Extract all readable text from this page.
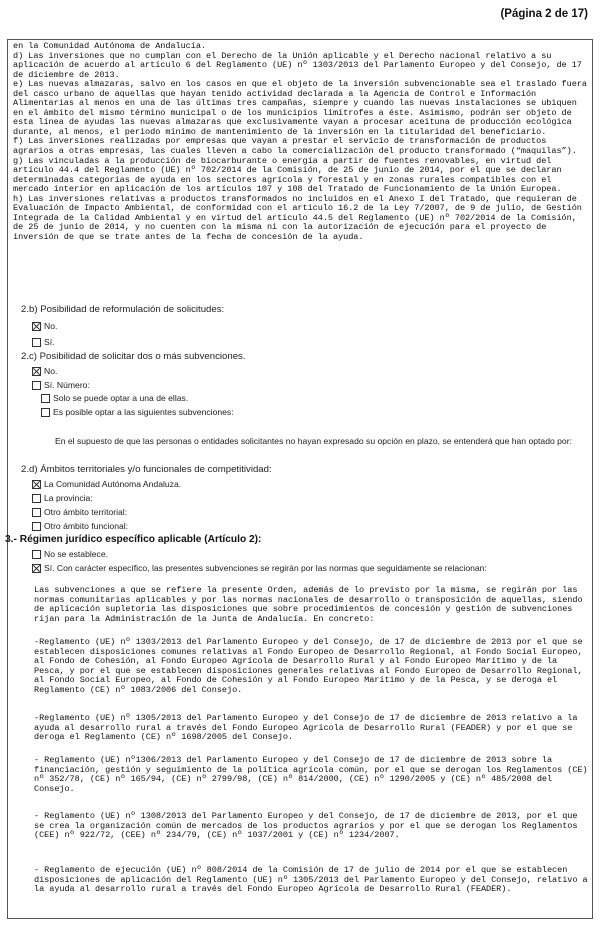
(Página 2 de 17)
en la Comunidad Autónoma de Andalucía.
d) Las inversiones que no cumplan con el Derecho de la Unión aplicable y el Derecho nacional relativo a su aplicación de acuerdo al artículo 6 del Reglamento (UE) nº 1303/2013 del Parlamento Europeo y del Consejo, de 17 de diciembre de 2013.
e) Las nuevas almazaras, salvo en los casos en que el objeto de la inversión subvencionable sea el traslado fuera del casco urbano de aquellas que hayan tenido actividad declarada a la Agencia de Control e Información Alimentarias al menos en una de las últimas tres campañas, siempre y cuando las nuevas instalaciones se ubiquen en el ámbito del mismo término municipal o de los municipios limítrofes a éste. Asimismo, podrán ser objeto de esta línea de ayudas las nuevas almazaras que exclusivamente vayan a procesar aceituna de producción ecológica durante, al menos, el periodo mínimo de mantenimiento de la inversión en la titularidad del beneficiario.
f) Las inversiones realizadas por empresas que vayan a prestar el servicio de transformación de productos agrarios a otras empresas, las cuales lleven a cabo la comercialización del producto transformado (“maquilas”).
g) Las vinculadas a la producción de biocarburante o energía a partir de fuentes renovables, en virtud del artículo 44.4 del Reglamento (UE) nº 702/2014 de la Comisión, de 25 de junio de 2014, por el que se declaran determinadas categorías de ayuda en los sectores agrícola y forestal y en zonas rurales compatibles con el mercado interior en aplicación de los artículos 107 y 108 del Tratado de Funcionamiento de la Unión Europea.
h) Las inversiones relativas a productos transformados no incluidos en el Anexo I del Tratado, que requieran de Evaluación de Impacto Ambiental, de conformidad con el artículo 16.2 de la Ley 7/2007, de 9 de julio, de Gestión Integrada de la Calidad Ambiental y en virtud del artículo 44.5 del Reglamento (UE) nº 702/2014 de la Comisión, de 25 de junio de 2014, y no cuenten con la misma ni con la autorización de ejecución para el proyecto de inversión de que se trate antes de la fecha de concesión de la ayuda.
2.b) Posibilidad de reformulación de solicitudes:
No.
Sí.
2.c) Posibilidad de solicitar dos o más subvenciones.
No.
Sí. Número:
Solo se puede optar a una de ellas.
Es posible optar a las siguientes subvenciones:
En el supuesto de que las personas o entidades solicitantes no hayan expresado su opción en plazo, se entenderá que han optado por:
2.d) Ámbitos territoriales y/o funcionales de competitividad:
La Comunidad Autónoma Andaluza.
La provincia:
Otro ámbito territorial:
Otro ámbito funcional:
3.- Régimen jurídico específico aplicable (Artículo 2):
No se establece.
Sí. Con carácter específico, las presentes subvenciones se regirán por las normas que seguidamente se relacionan:
Las subvenciones a que se refiere la presente Orden, además de lo previsto por la misma, se regirán por las normas comunitarias aplicables y por las normas nacionales de desarrollo o transposición de aquellas, siendo de aplicación supletoria las disposiciones que sobre procedimientos de concesión y gestión de subvenciones rijan para la Administración de la Junta de Andalucía. En concreto:
-Reglamento (UE) nº 1303/2013 del Parlamento Europeo y del Consejo, de 17 de diciembre de 2013 por el que se establecen disposiciones comunes relativas al Fondo Europeo de Desarrollo Regional, al Fondo Social Europeo, al Fondo de Cohesión, al Fondo Europeo Agrícola de Desarrollo Rural y al Fondo Europeo Marítimo y de la Pesca, y por el que se establecen disposiciones generales relativas al Fondo Europeo de Desarrollo Regional, al Fondo Social Europeo, al Fondo de Cohesión y al Fondo Europeo Marítimo y de la Pesca, y se deroga el Reglamento (CE) nº 1083/2006 del Consejo.
-Reglamento (UE) nº 1305/2013 del Parlamento Europeo y del Consejo de 17 de diciembre de 2013 relativo a la ayuda al desarrollo rural a través del Fondo Europeo Agrícola de Desarrollo Rural (FEADER) y por el que se deroga el Reglamento (CE) nº 1698/2005 del Consejo.
- Reglamento (UE) nº1306/2013 del Parlamento Europeo y del Consejo de 17 de diciembre de 2013 sobre la financiación, gestión y seguimiento de la política agrícola común, por el que se derogan los Reglamentos (CE) nº 352/78, (CE) nº 165/94, (CE) nº 2799/98, (CE) nº 814/2000, (CE) nº 1290/2005 y (CE) nº 485/2008 del Consejo.
- Reglamento (UE) nº 1308/2013 del Parlamento Europeo y del Consejo, de 17 de diciembre de 2013, por el que se crea la organización común de mercados de los productos agrarios y por el que se derogan los Reglamentos (CEE) nº 922/72, (CEE) nº 234/79, (CE) nº 1037/2001 y (CE) nº 1234/2007.
- Reglamento de ejecución (UE) nº 808/2014 de la Comisión de 17 de julio de 2014 por el que se establecen disposiciones de aplicación del Reglamento (UE) nº 1305/2013 del Parlamento Europeo y del Consejo, relativo a la ayuda al desarrollo rural a través del Fondo Europeo Agrícola de Desarrollo Rural (FEADER).
